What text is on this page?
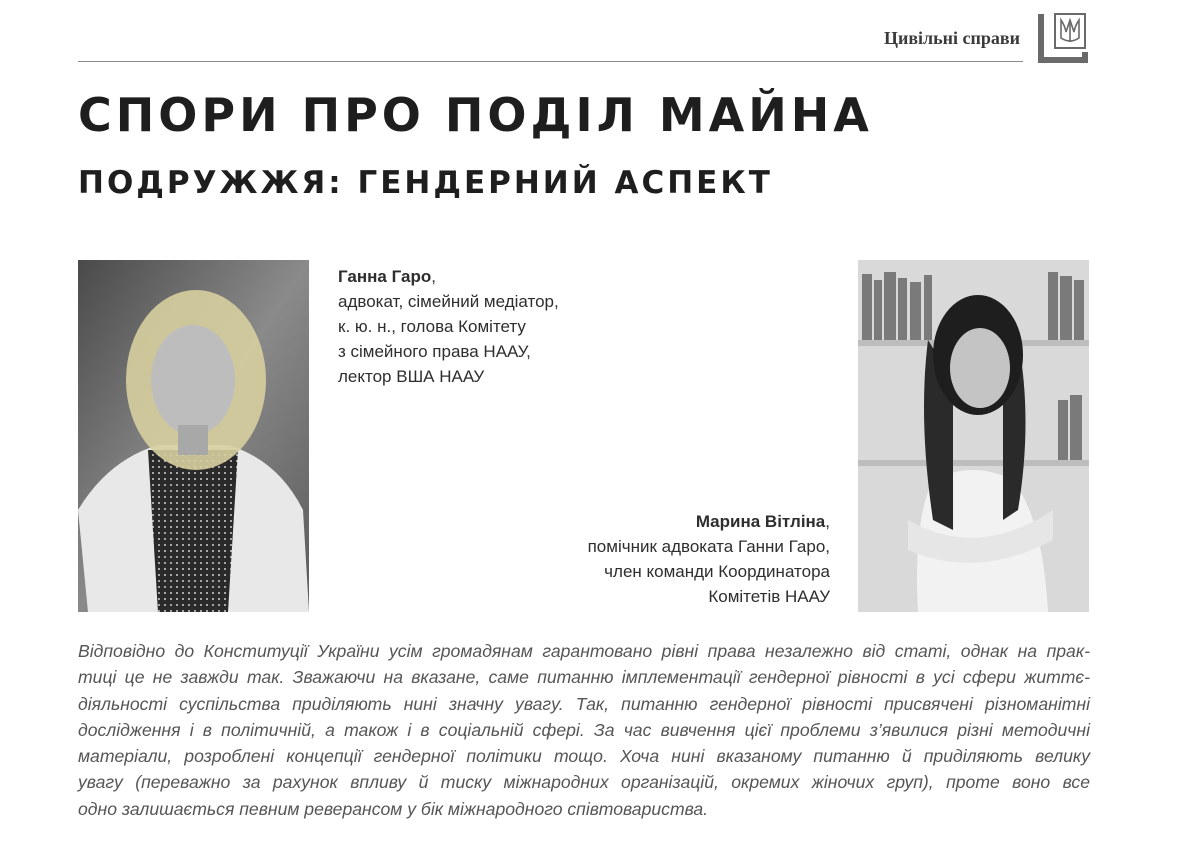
Цивільні справи
СПОРИ ПРО ПОДІЛ МАЙНА
ПОДРУЖЖЯ: ГЕНДЕРНИЙ АСПЕКТ
Ганна Гаро,
адвокат, сімейний медіатор,
к. ю. н., голова Комітету
з сімейного права НААУ,
лектор ВША НААУ
Марина Вітліна,
помічник адвоката Ганни Гаро,
член команди Координатора
Комітетів НААУ

Відповідно до Конституції України усім громадянам гарантовано рівні права незалежно від статі, однак на прак-
тиці це не завжди так. Зважаючи на вказане, саме питанню імплементації гендерної рівності в усі сфери життє-
діяльності суспільства приділяють нині значну увагу. Так, питанню гендерної рівності присвячені різноманітні
дослідження і в політичній, а також і в соціальній сфері. За час вивчення цієї проблеми з’явилися різні методичні
матеріали, розроблені концепції гендерної політики тощо. Хоча нині вказаному питанню й приділяють велику
увагу (переважно за рахунок впливу й тиску міжнародних організацій, окремих жіночих груп), проте воно все
одно залишається певним реверансом у бік міжнародного співтовариства.
